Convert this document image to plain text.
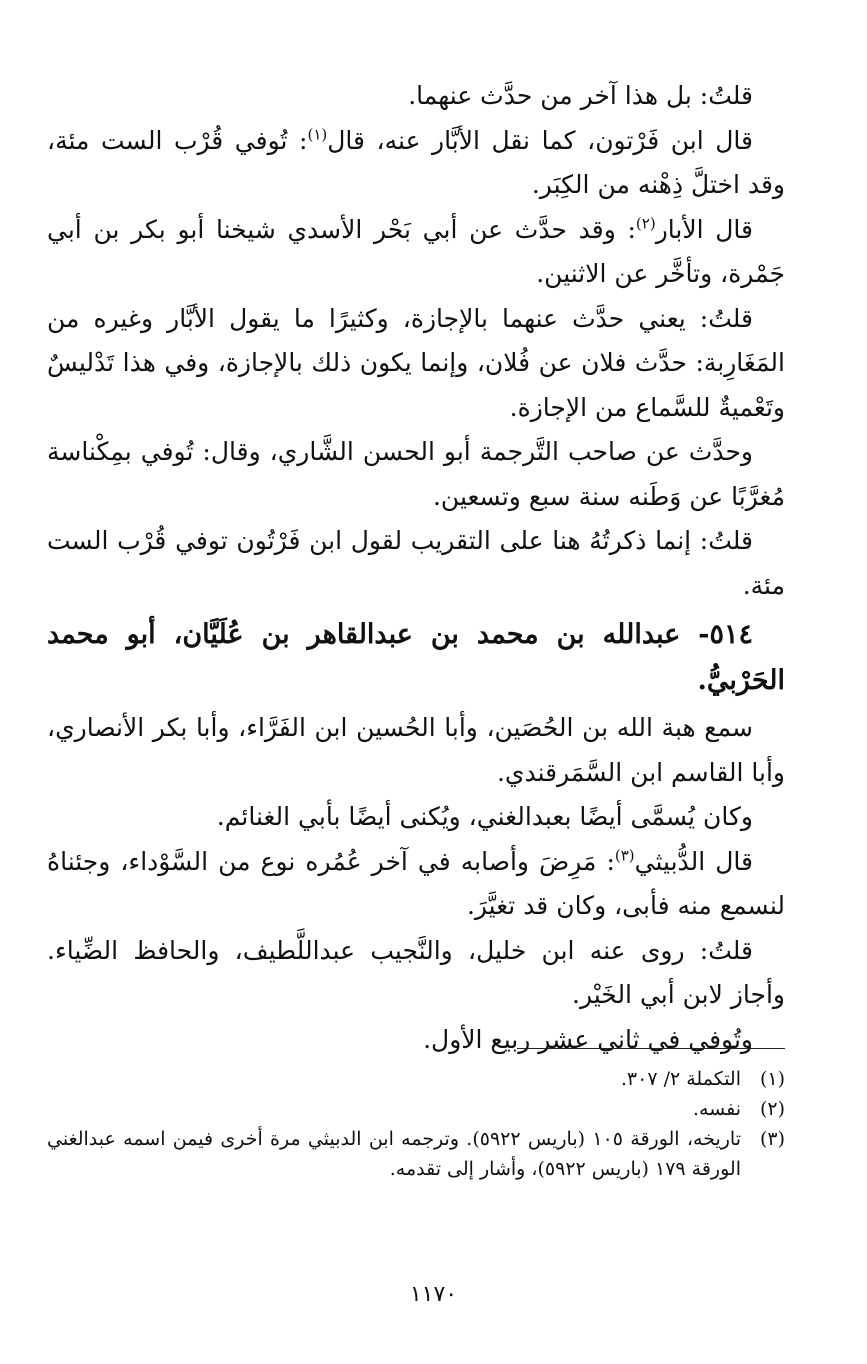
قلتُ: بل هذا آخر من حدَّث عنهما.

قال ابن فَرْتون، كما نقل الأبَّار عنه، قال$^{(١)}$: تُوفي قُرْب الست مئة، وقد اختلَّ ذِهْنه من الكِبَر.

قال الأبار$^{(٢)}$: وقد حدَّث عن أبي بَحْر الأسدي شيخنا أبو بكر بن أبي جَمْرة، وتأخَّر عن الاثنين.

قلتُ: يعني حدَّث عنهما بالإجازة، وكثيرًا ما يقول الأبَّار وغيره من المَغَارِبة: حدَّث فلان عن فُلان، وإنما يكون ذلك بالإجازة، وفي هذا تَدْليسٌ وتَعْميةٌ للسَّماع من الإجازة.

وحدَّث عن صاحب التَّرجمة أبو الحسن الشَّاري، وقال: تُوفي بمِكْناسة مُغرَّبًا عن وَطَنه سنة سبع وتسعين.

قلتُ: إنما ذكرتُهُ هنا على التقريب لقول ابن فَرْتُون توفي قُرْب الست مئة.

٥١٤- عبدالله بن محمد بن عبدالقاهر بن عُلَيَّان، أبو محمد الحَرْبيُّ.

سمع هبة الله بن الحُصَين، وأبا الحُسين ابن الفَرَّاء، وأبا بكر الأنصاري، وأبا القاسم ابن السَّمَرقندي.

وكان يُسمَّى أيضًا بعبدالغني، ويُكنى أيضًا بأبي الغنائم.

قال الدُّبيثي$^{(٣)}$: مَرِضَ وأصابه في آخر عُمُره نوع من السَّوْداء، وجئناهُ لنسمع منه فأبى، وكان قد تغيَّرَ.

قلتُ: روى عنه ابن خليل، والنَّجيب عبداللَّطيف، والحافظ الضِّياء. وأجاز لابن أبي الخَيْر.

وتُوفي في ثاني عشر ربيع الأول.

(١)
التكملة ٢/ ٣٠٧.
(٢)
نفسه.
(٣)
تاريخه، الورقة ١٠٥ (باريس ٥٩٢٢). وترجمه ابن الدبيثي مرة أخرى فيمن اسمه عبدالغني الورقة ١٧٩ (باريس ٥٩٢٢)، وأشار إلى تقدمه.
١١٧٠
